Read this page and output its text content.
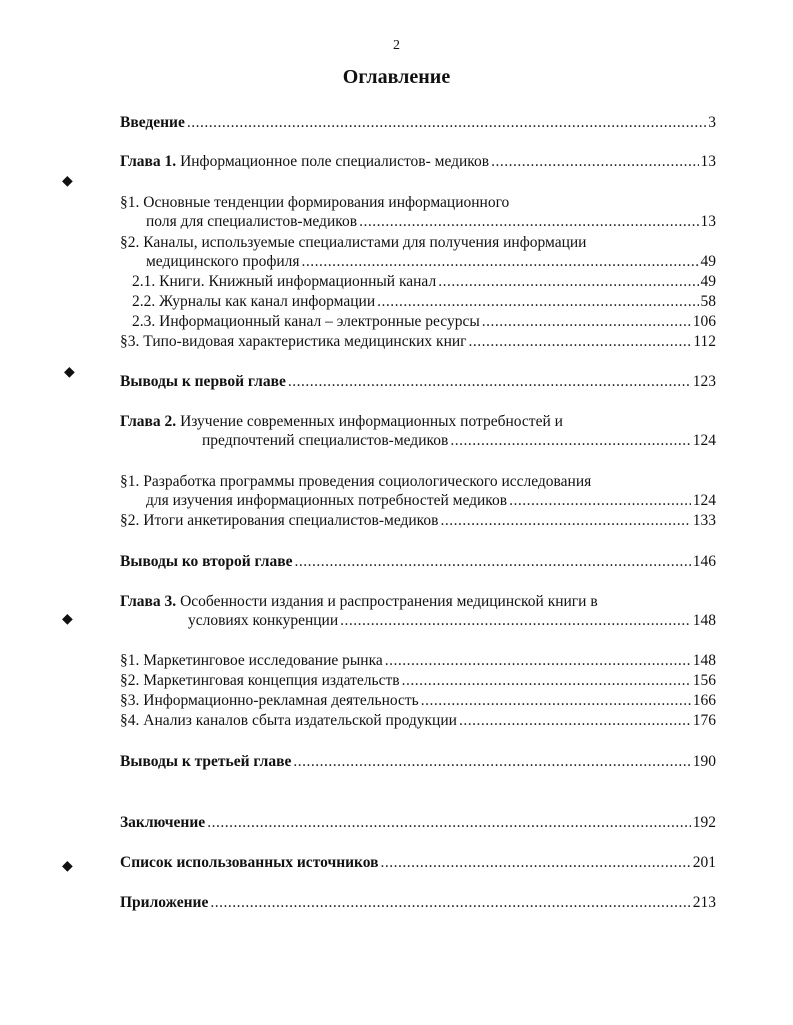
2
Оглавление
◆
◆
◆
◆
Введение .....	3
Глава 1. Информационное поле специалистов- медиков .....	13
§1. Основные тенденции формирования информационного
поля для специалистов-медиков .....	13
§2. Каналы, используемые специалистами для получения информации
медицинского профиля .....	49
2.1. Книги. Книжный информационный канал .....	49
2.2. Журналы как канал информации .....	58
2.3. Информационный канал – электронные ресурсы .....	106
§3. Типо-видовая характеристика медицинских книг .....	112
Выводы к первой главе .....	123
Глава 2. Изучение современных информационных потребностей и
предпочтений специалистов-медиков .....	124
§1. Разработка программы проведения социологического исследования
для изучения информационных потребностей медиков .....	124
§2. Итоги анкетирования специалистов-медиков .....	133
Выводы ко второй главе .....	146
Глава 3. Особенности издания и распространения медицинской книги в
условиях конкуренции .....	148
§1. Маркетинговое исследование рынка .....	148
§2. Маркетинговая концепция издательств .....	156
§3. Информационно-рекламная деятельность .....	166
§4. Анализ каналов сбыта издательской продукции .....	176
Выводы к третьей главе .....	190
Заключение .....	192
Список использованных источников .....	201
Приложение .....	213
